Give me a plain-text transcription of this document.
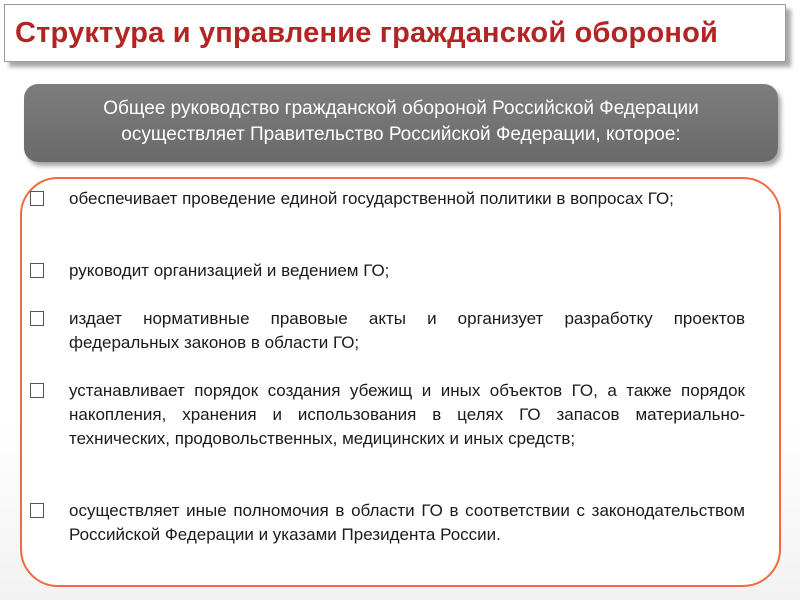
Структура и управление гражданской обороной
Общее руководство гражданской обороной Российской Федерации
осуществляет Правительство Российской Федерации, которое:
обеспечивает проведение единой государственной политики в вопросах ГО;
руководит организацией и ведением ГО;
издает нормативные правовые акты и организует разработку проектов федеральных законов в области ГО;
устанавливает порядок создания убежищ и иных объектов ГО, а также порядок накопления, хранения и использования в целях ГО запасов материально-технических, продовольственных, медицинских и иных средств;
осуществляет иные полномочия в области ГО в соответствии с законодательством Российской Федерации и указами Президента России.
